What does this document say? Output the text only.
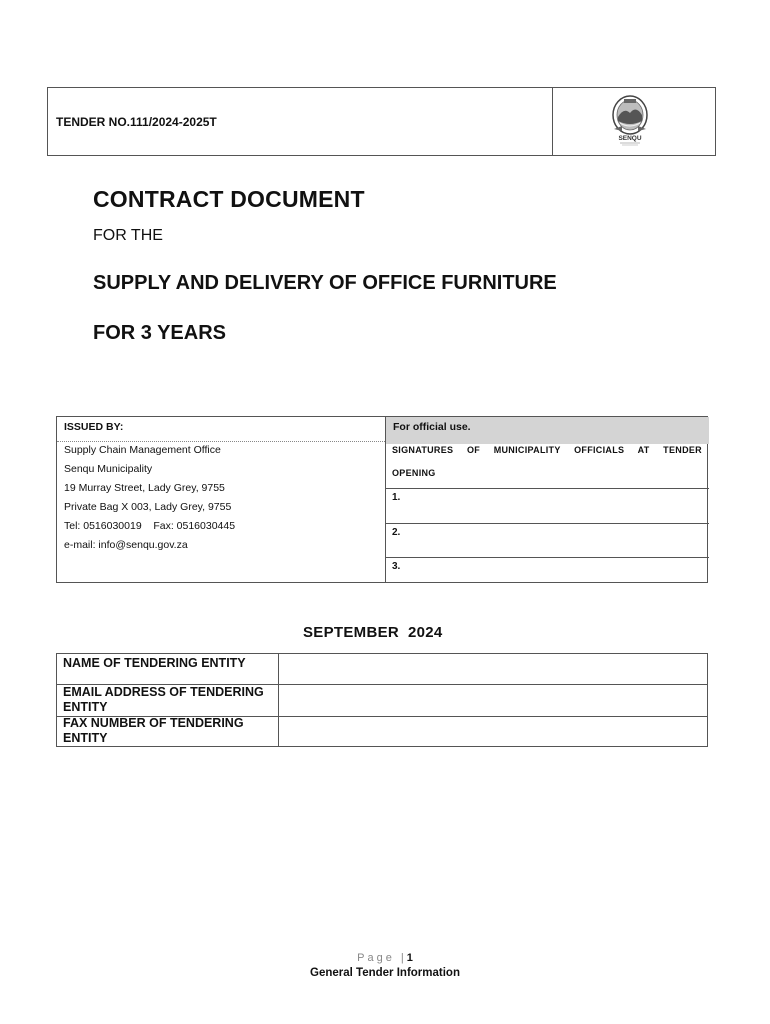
TENDER NO.111/2024-2025T
SENQU
CONTRACT DOCUMENT
FOR THE
SUPPLY AND DELIVERY OF OFFICE FURNITURE
FOR 3 YEARS
ISSUED BY:	For official use.
Supply Chain Management Office
Senqu Municipality
19 Murray Street, Lady Grey, 9755
Private Bag X 003, Lady Grey, 9755
Tel: 0516030019    Fax: 0516030445
e-mail: info@senqu.gov.za
SIGNATURES OF MUNICIPALITY OFFICIALS AT TENDER
OPENING
1.
2.
3.
SEPTEMBER  2024
NAME OF TENDERING ENTITY
EMAIL ADDRESS OF TENDERING ENTITY
FAX NUMBER OF TENDERING ENTITY
Page |1
General Tender Information
